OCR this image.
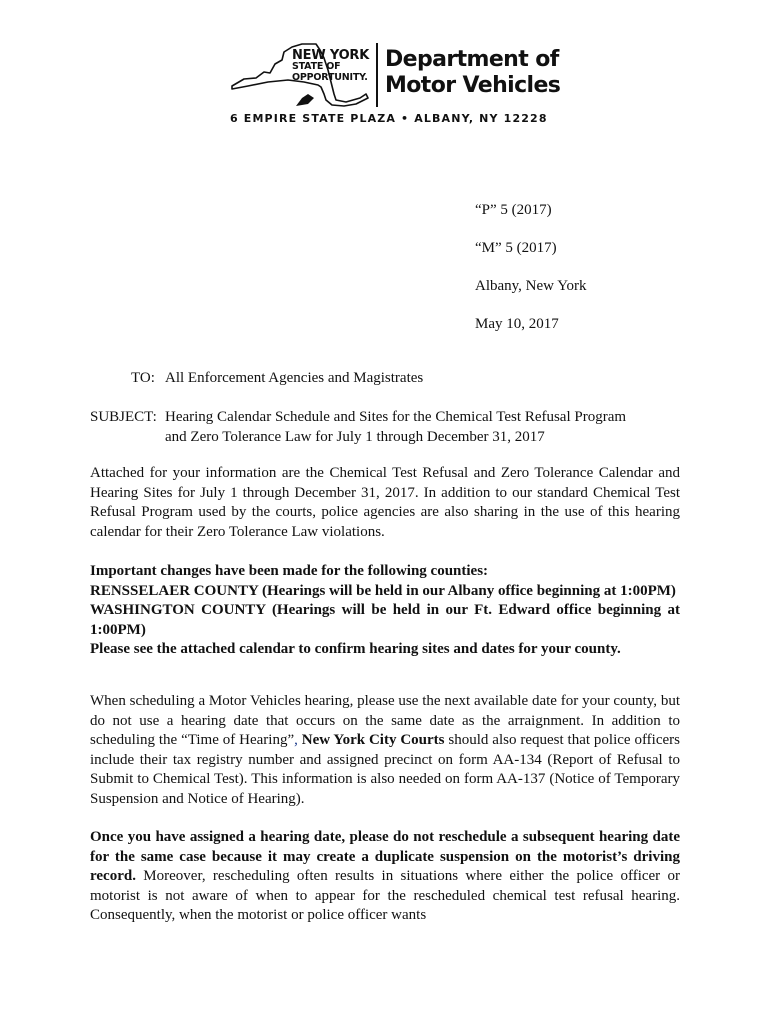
NEW YORK
STATE OF
OPPORTUNITY.
Department of
Motor Vehicles
6 EMPIRE STATE PLAZA • ALBANY, NY 12228
“P” 5 (2017)
“M” 5 (2017)
Albany, New York
May 10, 2017
TO: All Enforcement Agencies and Magistrates
SUBJECT: Hearing Calendar Schedule and Sites for the Chemical Test Refusal Program
and Zero Tolerance Law for July 1 through December 31, 2017
Attached for your information are the Chemical Test Refusal and Zero Tolerance Calendar and Hearing Sites for July 1 through December 31, 2017. In addition to our standard Chemical Test Refusal Program used by the courts, police agencies are also sharing in the use of this hearing calendar for their Zero Tolerance Law violations.
Important changes have been made for the following counties:
RENSSELAER COUNTY (Hearings will be held in our Albany office beginning at 1:00PM)
WASHINGTON COUNTY (Hearings will be held in our Ft. Edward office beginning at 1:00PM)
Please see the attached calendar to confirm hearing sites and dates for your county.
When scheduling a Motor Vehicles hearing, please use the next available date for your county, but do not use a hearing date that occurs on the same date as the arraignment. In addition to scheduling the “Time of Hearing”, New York City Courts should also request that police officers include their tax registry number and assigned precinct on form AA-134 (Report of Refusal to Submit to Chemical Test). This information is also needed on form AA-137 (Notice of Temporary Suspension and Notice of Hearing).
Once you have assigned a hearing date, please do not reschedule a subsequent hearing date for the same case because it may create a duplicate suspension on the motorist’s driving record. Moreover, rescheduling often results in situations where either the police officer or motorist is not aware of when to appear for the rescheduled chemical test refusal hearing. Consequently, when the motorist or police officer wants
